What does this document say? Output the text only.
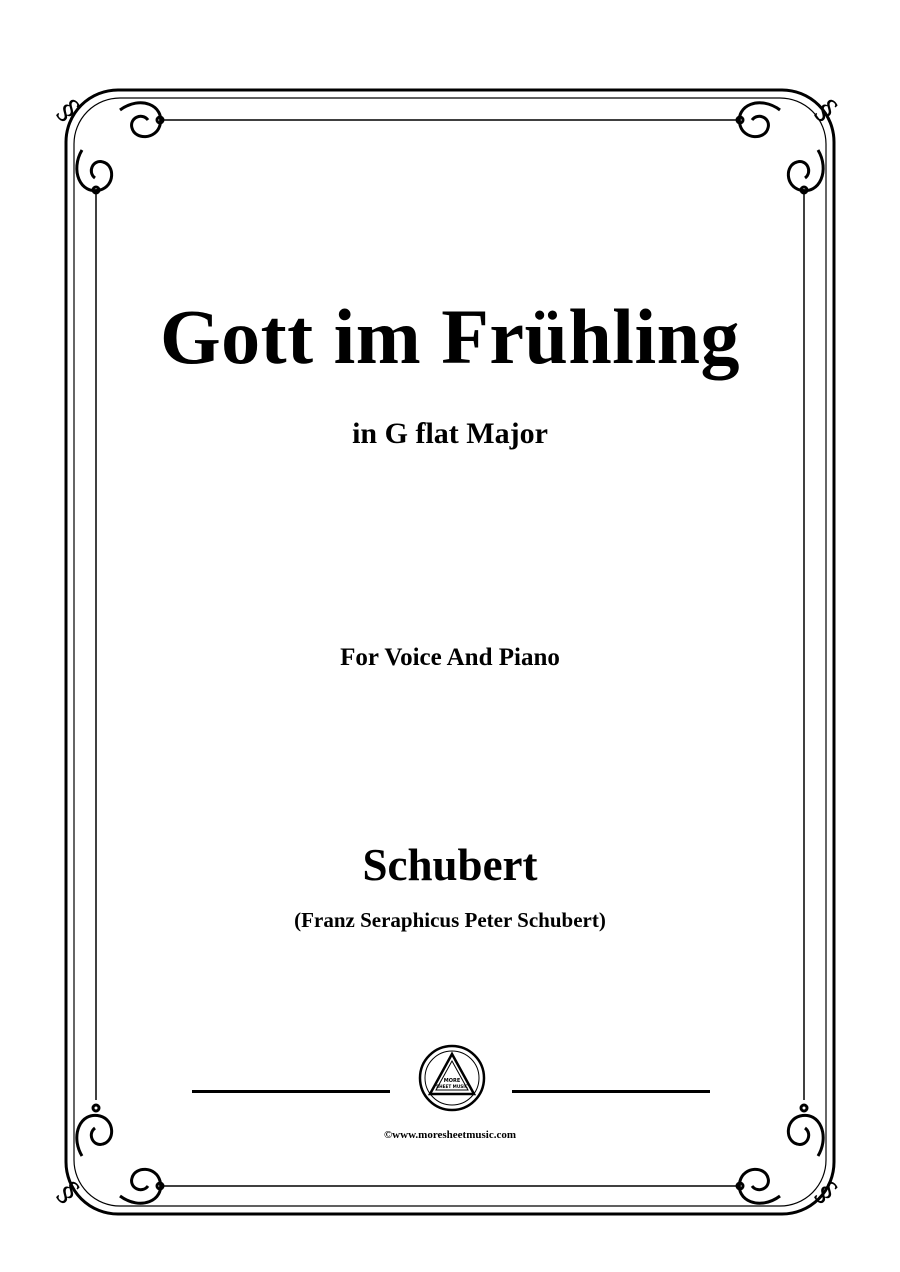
§	§
§	§
Gott im Frühling
in G flat Major
For Voice And Piano
Schubert
(Franz Seraphicus Peter Schubert)
MORE
SHEET MUSIC
©www.moresheetmusic.com
